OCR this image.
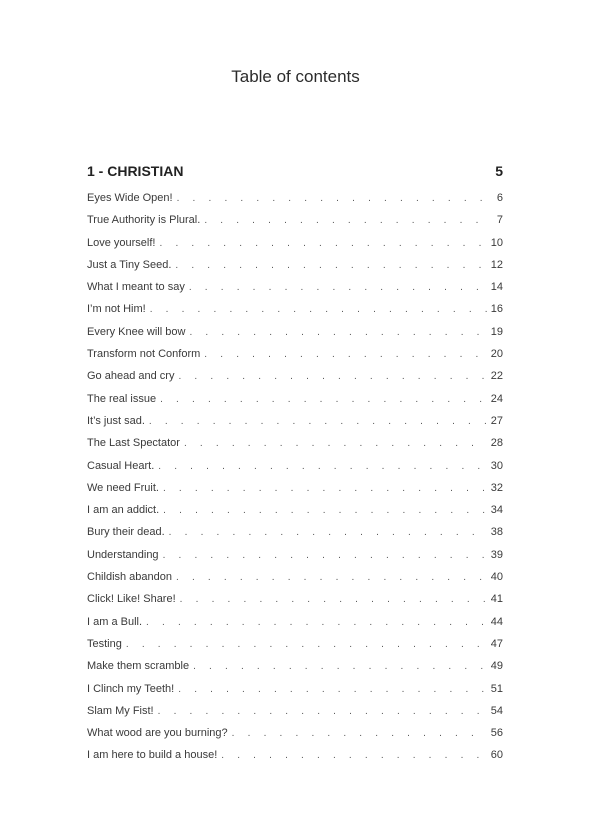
Table of contents
1 - CHRISTIAN	5
Eyes Wide Open! . . .	6
True Authority is Plural. . . .	7
Love yourself! . . .	10
Just a Tiny Seed. . . .	12
What I meant to say . . .	14
I’m not Him! . . .	16
Every Knee will bow . . .	19
Transform not Conform . . .	20
Go ahead and cry . . .	22
The real issue . . .	24
It’s just sad. . . .	27
The Last Spectator . . .	28
Casual Heart. . . .	30
We need Fruit. . . .	32
I am an addict. . . .	34
Bury their dead. . . .	38
Understanding . . .	39
Childish abandon . . .	40
Click! Like! Share! . . .	41
I am a Bull. . . .	44
Testing . . .	47
Make them scramble . . .	49
I Clinch my Teeth! . . .	51
Slam My Fist! . . .	54
What wood are you burning? . . .	56
I am here to build a house! . . .	60
